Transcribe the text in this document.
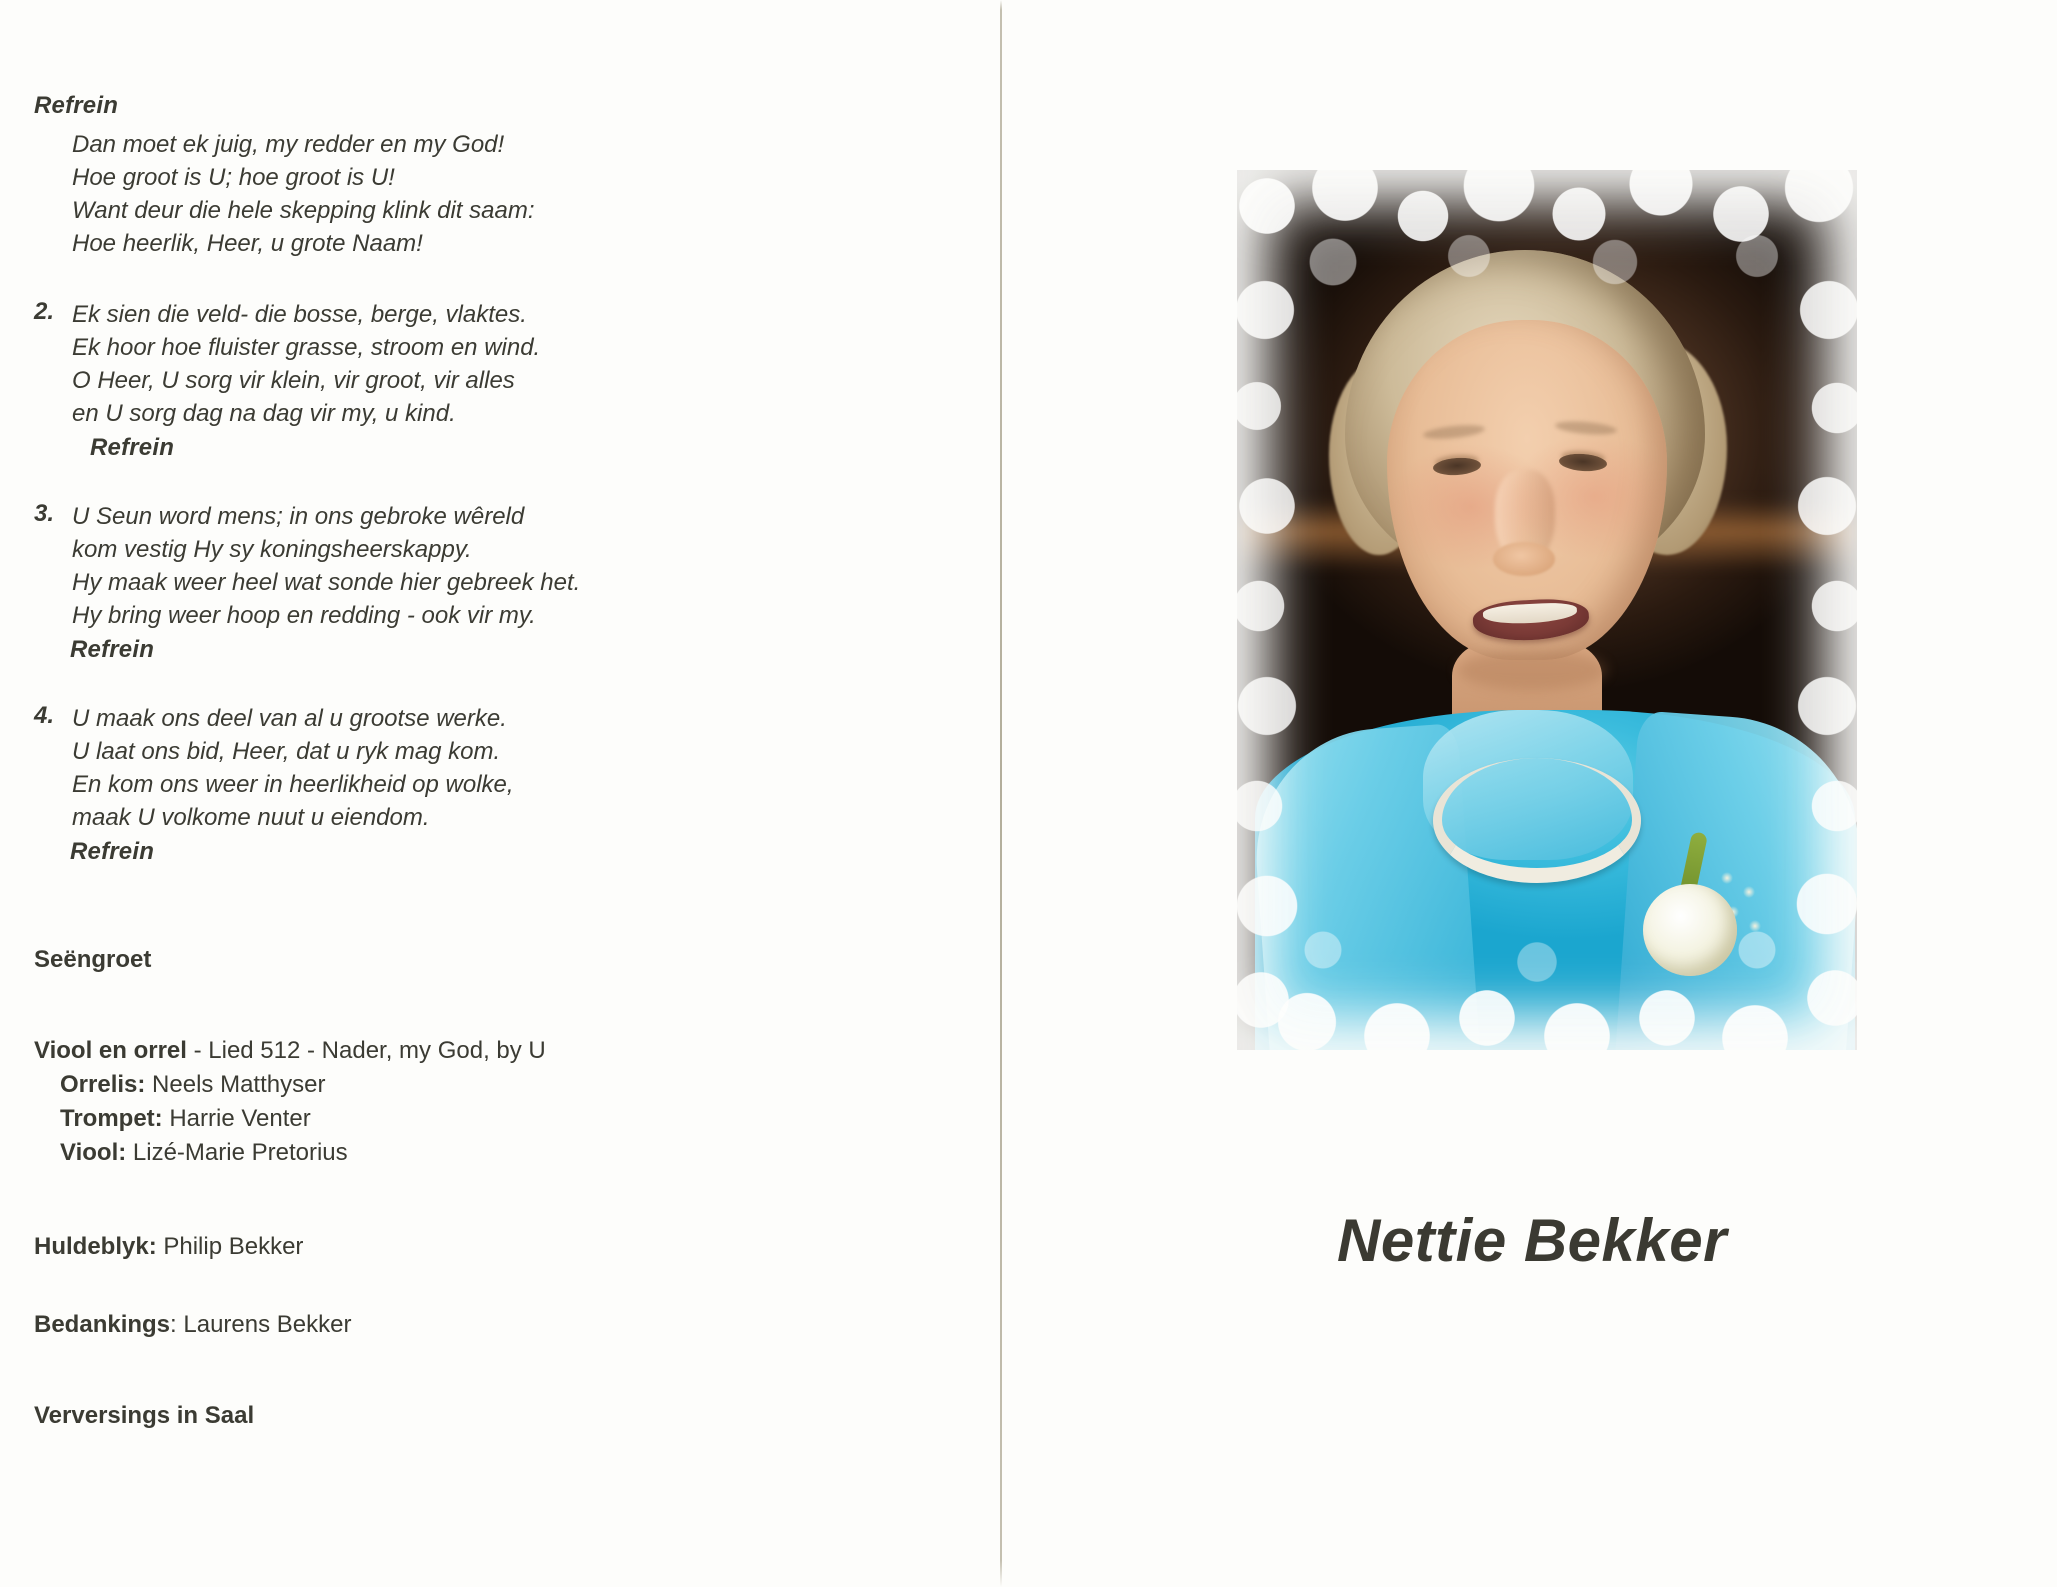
Refrein
Dan moet ek juig, my redder en my God!
Hoe groot is U; hoe groot is U!
Want deur die hele skepping klink dit saam:
Hoe heerlik, Heer, u grote Naam!
2. Ek sien die veld- die bosse, berge, vlaktes.
Ek hoor hoe fluister grasse, stroom en wind.
O Heer, U sorg vir klein, vir groot, vir alles
en U sorg dag na dag vir my, u kind.
Refrein
3. U Seun word mens; in ons gebroke wêreld
kom vestig Hy sy koningsheerskappy.
Hy maak weer heel wat sonde hier gebreek het.
Hy bring weer hoop en redding - ook vir my.
Refrein
4. U maak ons deel van al u grootse werke.
U laat ons bid, Heer, dat u ryk mag kom.
En kom ons weer in heerlikheid op wolke,
maak U volkome nuut u eiendom.
Refrein
Seëngroet
Viool en orrel - Lied 512 - Nader, my God, by U
Orrelis: Neels Matthyser
Trompet: Harrie Venter
Viool: Lizé-Marie Pretorius
Huldeblyk: Philip Bekker
Bedankings: Laurens Bekker
Verversings in Saal
Nettie Bekker
